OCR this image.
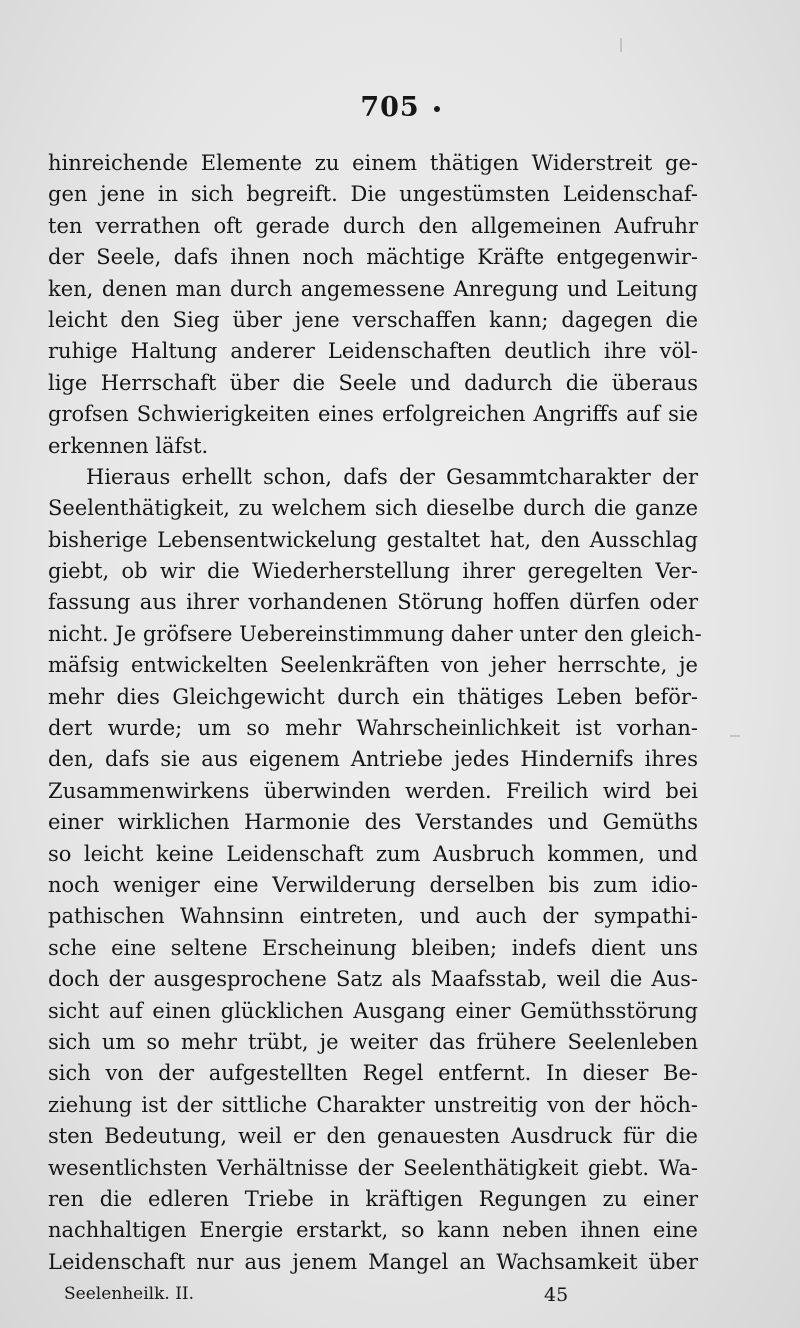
705
hinreichende Elemente zu einem thätigen Widerstreit ge-
gen jene in sich begreift. Die ungestümsten Leidenschaf-
ten verrathen oft gerade durch den allgemeinen Aufruhr
der Seele, dafs ihnen noch mächtige Kräfte entgegenwir-
ken, denen man durch angemessene Anregung und Leitung
leicht den Sieg über jene verschaffen kann; dagegen die
ruhige Haltung anderer Leidenschaften deutlich ihre völ-
lige Herrschaft über die Seele und dadurch die überaus
grofsen Schwierigkeiten eines erfolgreichen Angriffs auf sie
erkennen läfst.
Hieraus erhellt schon, dafs der Gesammtcharakter der
Seelenthätigkeit, zu welchem sich dieselbe durch die ganze
bisherige Lebensentwickelung gestaltet hat, den Ausschlag
giebt, ob wir die Wiederherstellung ihrer geregelten Ver-
fassung aus ihrer vorhandenen Störung hoffen dürfen oder
nicht. Je gröfsere Uebereinstimmung daher unter den gleich-
mäfsig entwickelten Seelenkräften von jeher herrschte, je
mehr dies Gleichgewicht durch ein thätiges Leben beför-
dert wurde; um so mehr Wahrscheinlichkeit ist vorhan-
den, dafs sie aus eigenem Antriebe jedes Hindernifs ihres
Zusammenwirkens überwinden werden. Freilich wird bei
einer wirklichen Harmonie des Verstandes und Gemüths
so leicht keine Leidenschaft zum Ausbruch kommen, und
noch weniger eine Verwilderung derselben bis zum idio-
pathischen Wahnsinn eintreten, und auch der sympathi-
sche eine seltene Erscheinung bleiben; indefs dient uns
doch der ausgesprochene Satz als Maafsstab, weil die Aus-
sicht auf einen glücklichen Ausgang einer Gemüthsstörung
sich um so mehr trübt, je weiter das frühere Seelenleben
sich von der aufgestellten Regel entfernt. In dieser Be-
ziehung ist der sittliche Charakter unstreitig von der höch-
sten Bedeutung, weil er den genauesten Ausdruck für die
wesentlichsten Verhältnisse der Seelenthätigkeit giebt. Wa-
ren die edleren Triebe in kräftigen Regungen zu einer
nachhaltigen Energie erstarkt, so kann neben ihnen eine
Leidenschaft nur aus jenem Mangel an Wachsamkeit über
Seelenheilk. II.	45
